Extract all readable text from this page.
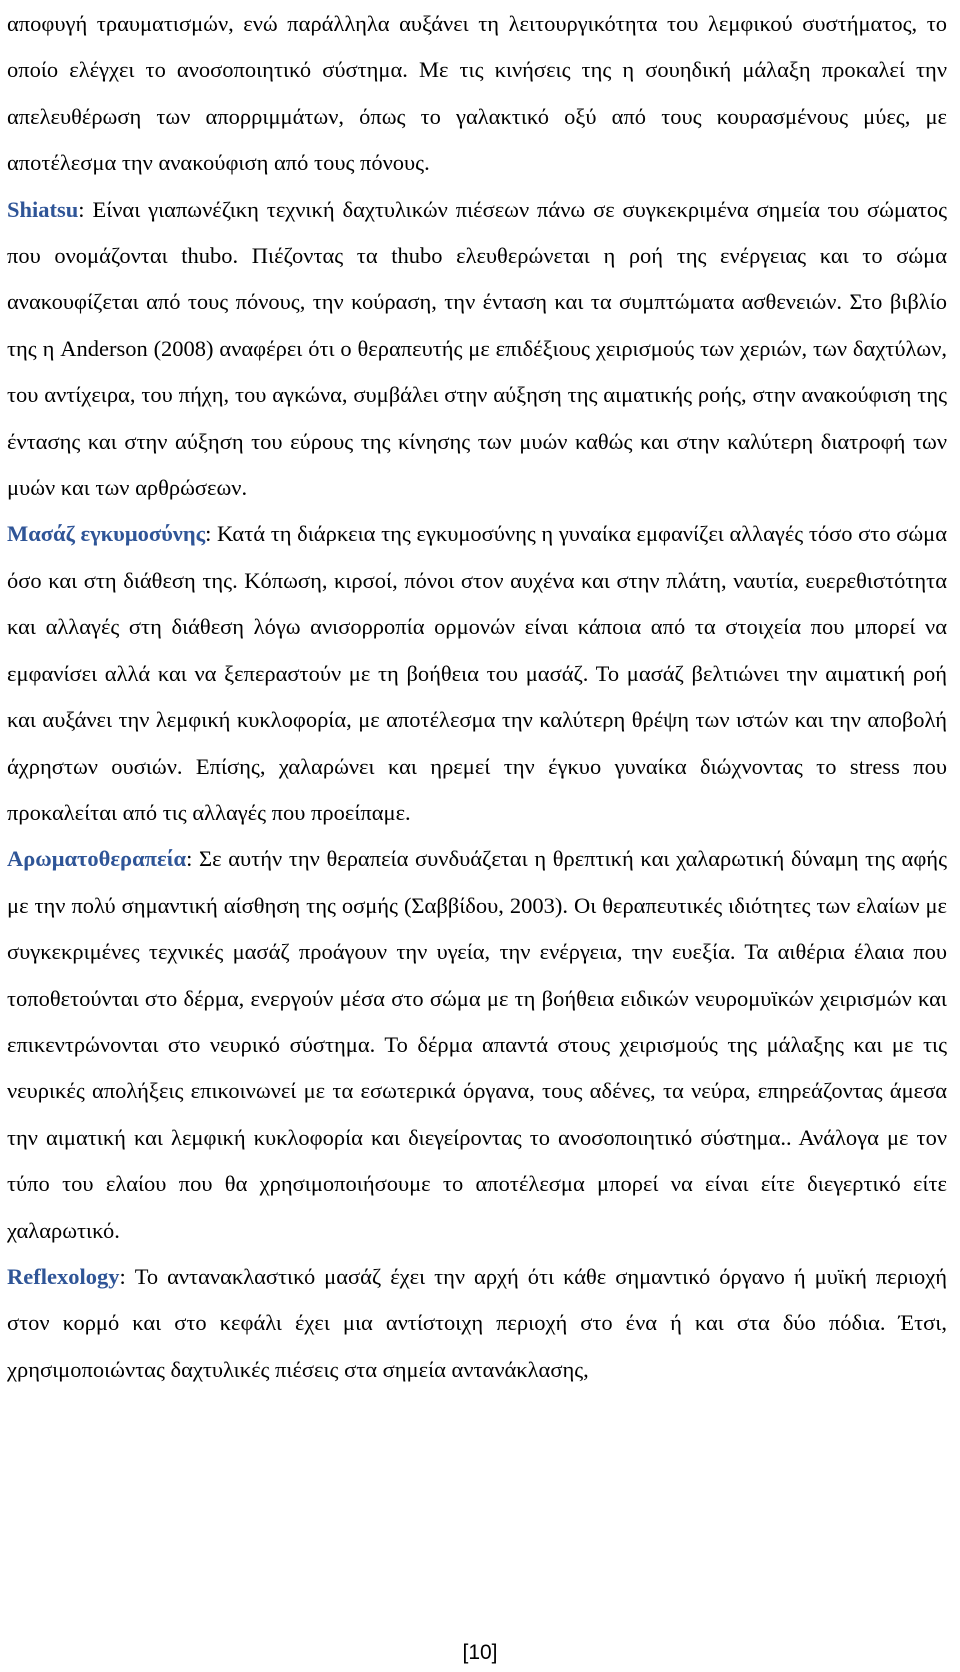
αποφυγή τραυματισμών, ενώ παράλληλα αυξάνει τη λειτουργικότητα του λεμφικού συστήματος, το οποίο ελέγχει το ανοσοποιητικό σύστημα. Με τις κινήσεις της η σουηδική μάλαξη προκαλεί την απελευθέρωση των απορριμμάτων, όπως το γαλακτικό οξύ από τους κουρασμένους μύες, με αποτέλεσμα την ανακούφιση από τους πόνους.

Shiatsu: Είναι γιαπωνέζικη τεχνική δαχτυλικών πιέσεων πάνω σε συγκεκριμένα σημεία του σώματος που ονομάζονται thubo. Πιέζοντας τα thubo ελευθερώνεται η ροή της ενέργειας και το σώμα ανακουφίζεται από τους πόνους, την κούραση, την ένταση και τα συμπτώματα ασθενειών. Στο βιβλίο της η Anderson (2008) αναφέρει ότι ο θεραπευτής με επιδέξιους χειρισμούς των χεριών, των δαχτύλων, του αντίχειρα, του πήχη, του αγκώνα, συμβάλει στην αύξηση της αιματικής ροής, στην ανακούφιση της έντασης και στην αύξηση του εύρους της κίνησης των μυών καθώς και στην καλύτερη διατροφή των μυών και των αρθρώσεων.

Μασάζ εγκυμοσύνης: Κατά τη διάρκεια της εγκυμοσύνης η γυναίκα εμφανίζει αλλαγές τόσο στο σώμα όσο και στη διάθεση της. Κόπωση, κιρσοί, πόνοι στον αυχένα και στην πλάτη, ναυτία, ευερεθιστότητα και αλλαγές στη διάθεση λόγω ανισορροπία ορμονών είναι κάποια από τα στοιχεία που μπορεί να εμφανίσει αλλά και να ξεπεραστούν με τη βοήθεια του μασάζ. Το μασάζ βελτιώνει την αιματική ροή και αυξάνει την λεμφική κυκλοφορία, με αποτέλεσμα την καλύτερη θρέψη των ιστών και την αποβολή άχρηστων ουσιών. Επίσης, χαλαρώνει και ηρεμεί την έγκυο γυναίκα διώχνοντας το stress που προκαλείται από τις αλλαγές που προείπαμε.

Αρωματοθεραπεία: Σε αυτήν την θεραπεία συνδυάζεται η θρεπτική και χαλαρωτική δύναμη της αφής με την πολύ σημαντική αίσθηση της οσμής (Σαββίδου, 2003). Οι θεραπευτικές ιδιότητες των ελαίων με συγκεκριμένες τεχνικές μασάζ προάγουν την υγεία, την ενέργεια, την ευεξία. Τα αιθέρια έλαια που τοποθετούνται στο δέρμα, ενεργούν μέσα στο σώμα με τη βοήθεια ειδικών νευρομυϊκών χειρισμών και επικεντρώνονται στο νευρικό σύστημα. Το δέρμα απαντά στους χειρισμούς της μάλαξης και με τις νευρικές απολήξεις επικοινωνεί με τα εσωτερικά όργανα, τους αδένες, τα νεύρα, επηρεάζοντας άμεσα την αιματική και λεμφική κυκλοφορία και διεγείροντας το ανοσοποιητικό σύστημα.. Ανάλογα με τον τύπο του ελαίου που θα χρησιμοποιήσουμε το αποτέλεσμα μπορεί να είναι είτε διεγερτικό είτε χαλαρωτικό.

Reflexology: Το αντανακλαστικό μασάζ έχει την αρχή ότι κάθε σημαντικό όργανο ή μυϊκή περιοχή στον κορμό και στο κεφάλι έχει μια αντίστοιχη περιοχή στο ένα ή και στα δύο πόδια. Έτσι, χρησιμοποιώντας δαχτυλικές πιέσεις στα σημεία αντανάκλασης,

[10]
